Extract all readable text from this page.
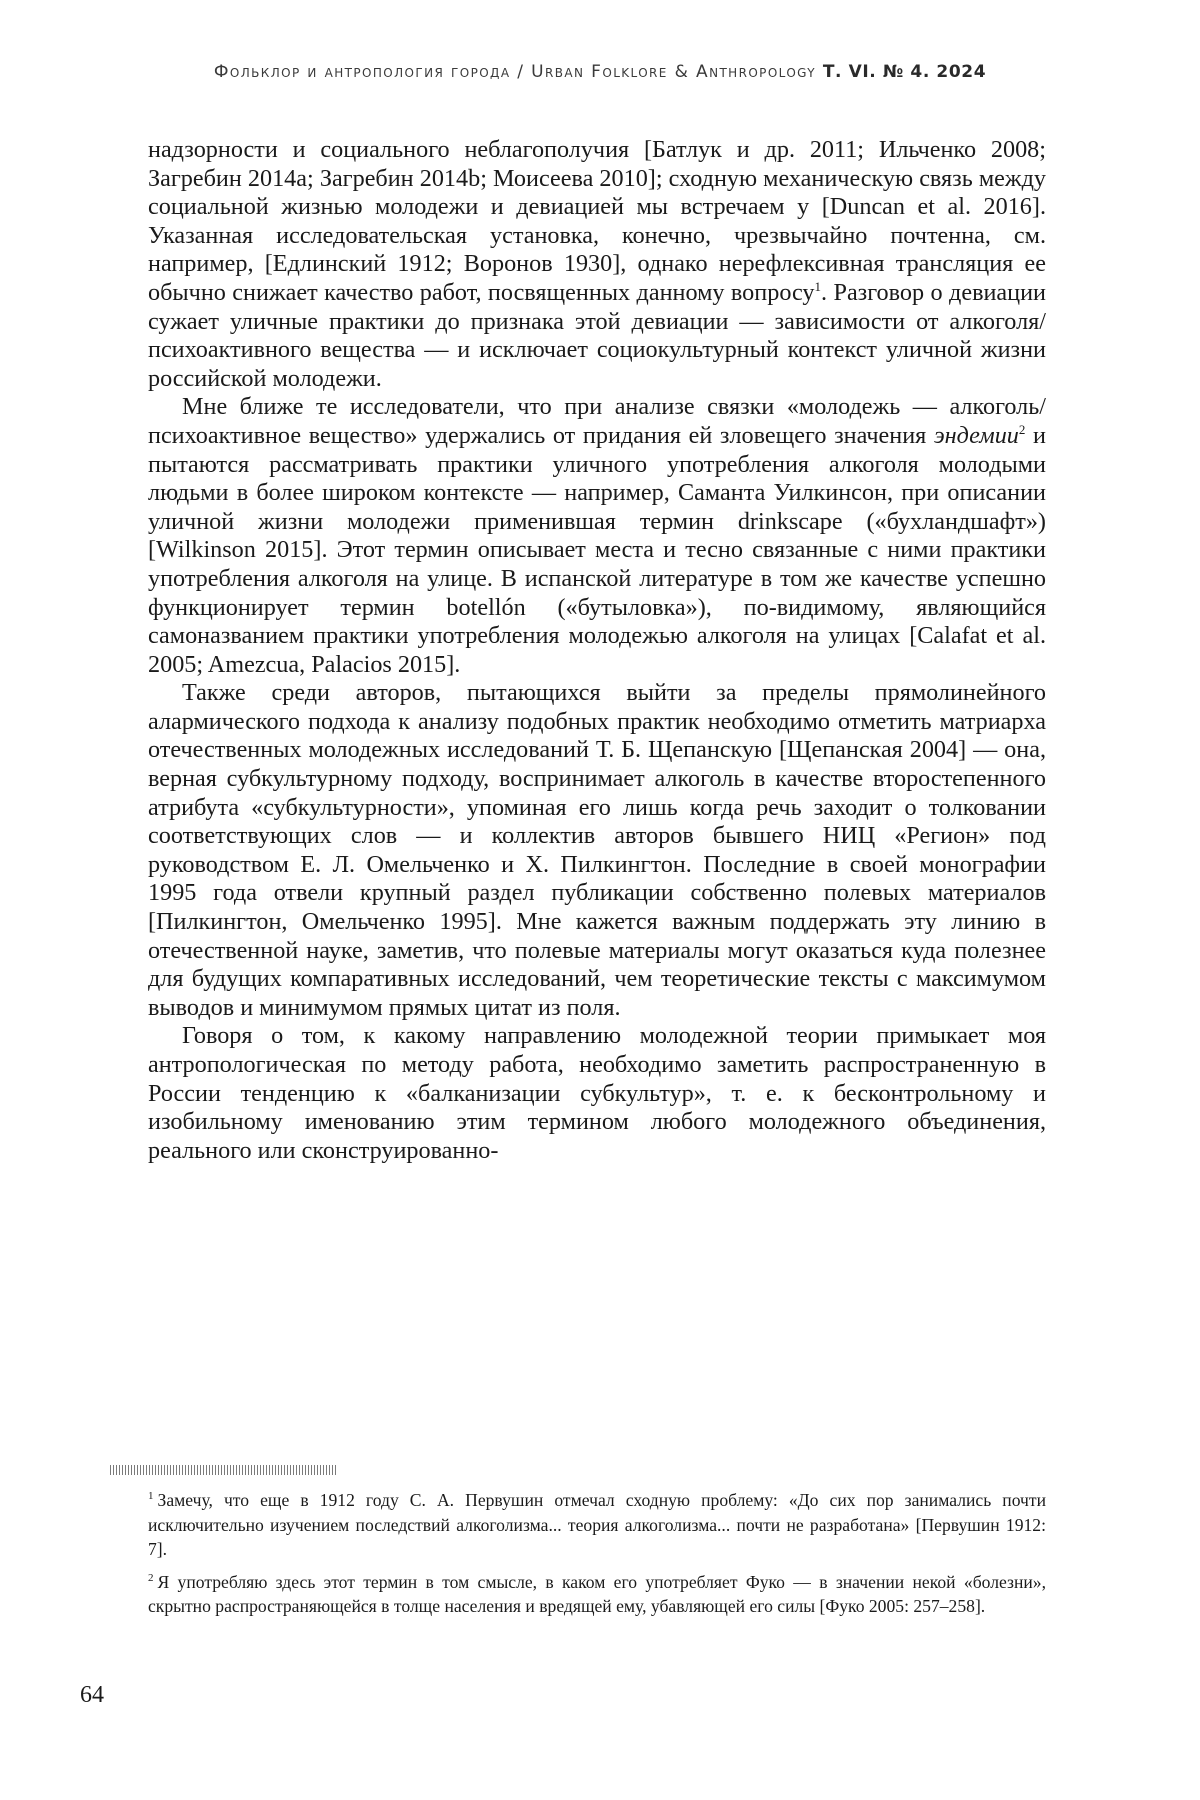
Фольклор и антропология города / Urban Folklore & Anthropology Т. VI. № 4. 2024

надзорности и социального неблагополучия [Батлук и др. 2011; Ильченко 2008; Загребин 2014a; Загребин 2014b; Моисеева 2010]; сходную механическую связь между социальной жизнью молодежи и девиацией мы встречаем у [Duncan et al. 2016]. Указанная исследовательская установка, конечно, чрезвычайно почтенна, см. например, [Едлинский 1912; Воронов 1930], однако нерефлексивная трансляция ее обычно снижает качество работ, посвященных данному вопросу1. Разговор о девиации сужает уличные практики до признака этой девиации — зависимости от алкоголя/психоактивного вещества — и исключает социокультурный контекст уличной жизни российской молодежи.

Мне ближе те исследователи, что при анализе связки «молодежь — алкоголь/психоактивное вещество» удержались от придания ей зловещего значения эндемии2 и пытаются рассматривать практики уличного употребления алкоголя молодыми людьми в более широком контексте — например, Саманта Уилкинсон, при описании уличной жизни молодежи применившая термин drinkscape («бухландшафт») [Wilkinson 2015]. Этот термин описывает места и тесно связанные с ними практики употребления алкоголя на улице. В испанской литературе в том же качестве успешно функционирует термин botellón («бутыловка»), по-видимому, являющийся самоназванием практики употребления молодежью алкоголя на улицах [Calafat et al. 2005; Amezcua, Palacios 2015].

Также среди авторов, пытающихся выйти за пределы прямолинейного алармического подхода к анализу подобных практик необходимо отметить матриарха отечественных молодежных исследований Т. Б. Щепанскую [Щепанская 2004] — она, верная субкультурному подходу, воспринимает алкоголь в качестве второстепенного атрибута «субкультурности», упоминая его лишь когда речь заходит о толковании соответствующих слов — и коллектив авторов бывшего НИЦ «Регион» под руководством Е. Л. Омельченко и Х. Пилкингтон. Последние в своей монографии 1995 года отвели крупный раздел публикации собственно полевых материалов [Пилкингтон, Омельченко 1995]. Мне кажется важным поддержать эту линию в отечественной науке, заметив, что полевые материалы могут оказаться куда полезнее для будущих компаративных исследований, чем теоретические тексты с максимумом выводов и минимумом прямых цитат из поля.

Говоря о том, к какому направлению молодежной теории примыкает моя антропологическая по методу работа, необходимо заметить распространенную в России тенденцию к «балканизации субкультур», т. е. к бесконтрольному и изобильному именованию этим термином любого молодежного объединения, реального или сконструированно-

1 Замечу, что еще в 1912 году С. А. Первушин отмечал сходную проблему: «До сих пор занимались почти исключительно изучением последствий алкоголизма... теория алкоголизма... почти не разработана» [Первушин 1912: 7].

2 Я употребляю здесь этот термин в том смысле, в каком его употребляет Фуко — в значении некой «болезни», скрытно распространяющейся в толще населения и вредящей ему, убавляющей его силы [Фуко 2005: 257–258].

64
